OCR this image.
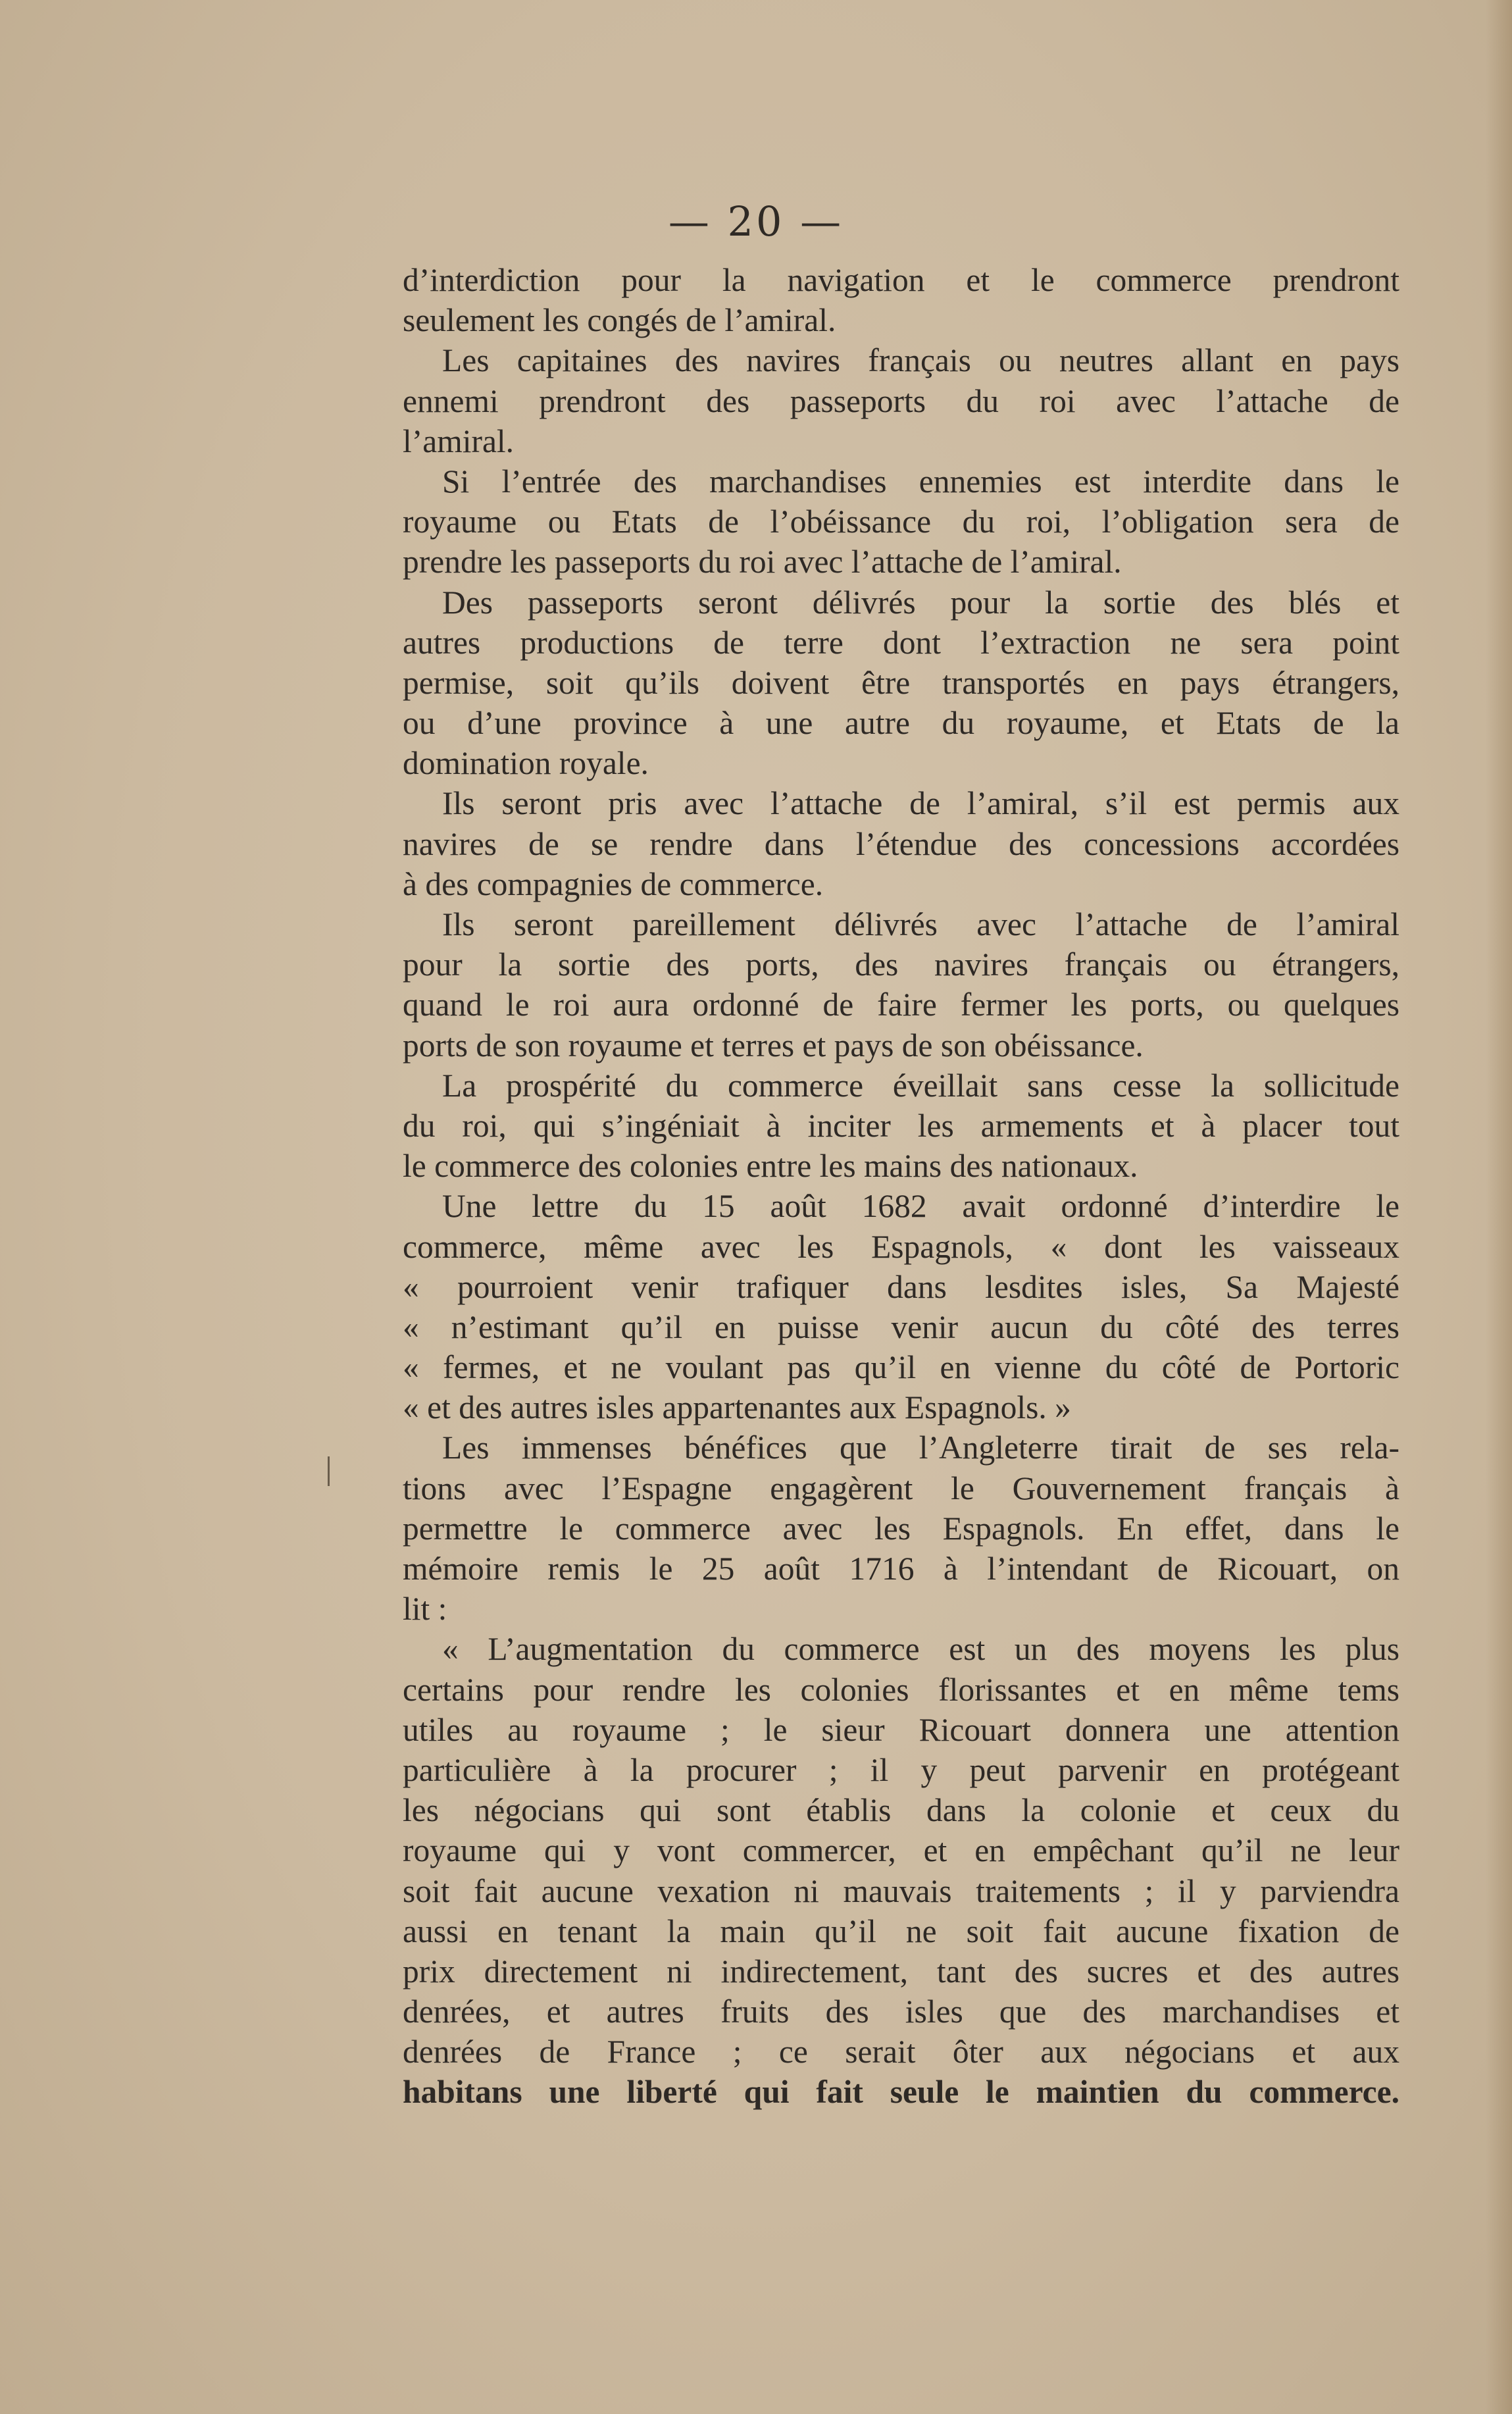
— 20 —
d’interdiction pour la navigation et le commerce prendront
seulement les congés de l’amiral.
Les capitaines des navires français ou neutres allant en pays
ennemi prendront des passeports du roi avec l’attache de
l’amiral.
Si l’entrée des marchandises ennemies est interdite dans le
royaume ou Etats de l’obéissance du roi, l’obligation sera de
prendre les passeports du roi avec l’attache de l’amiral.
Des passeports seront délivrés pour la sortie des blés et
autres productions de terre dont l’extraction ne sera point
permise, soit qu’ils doivent être transportés en pays étrangers,
ou d’une province à une autre du royaume, et Etats de la
domination royale.
Ils seront pris avec l’attache de l’amiral, s’il est permis aux
navires de se rendre dans l’étendue des concessions accordées
à des compagnies de commerce.
Ils seront pareillement délivrés avec l’attache de l’amiral
pour la sortie des ports, des navires français ou étrangers,
quand le roi aura ordonné de faire fermer les ports, ou quelques
ports de son royaume et terres et pays de son obéissance.
La prospérité du commerce éveillait sans cesse la sollicitude
du roi, qui s’ingéniait à inciter les armements et à placer tout
le commerce des colonies entre les mains des nationaux.
Une lettre du 15 août 1682 avait ordonné d’interdire le
commerce, même avec les Espagnols, « dont les vaisseaux
« pourroient venir trafiquer dans lesdites isles, Sa Majesté
« n’estimant qu’il en puisse venir aucun du côté des terres
« fermes, et ne voulant pas qu’il en vienne du côté de Portoric
« et des autres isles appartenantes aux Espagnols. »
Les immenses bénéfices que l’Angleterre tirait de ses rela-
tions avec l’Espagne engagèrent le Gouvernement français à
permettre le commerce avec les Espagnols. En effet, dans le
mémoire remis le 25 août 1716 à l’intendant de Ricouart, on
lit :
« L’augmentation du commerce est un des moyens les plus
certains pour rendre les colonies florissantes et en même tems
utiles au royaume ; le sieur Ricouart donnera une attention
particulière à la procurer ; il y peut parvenir en protégeant
les négocians qui sont établis dans la colonie et ceux du
royaume qui y vont commercer, et en empêchant qu’il ne leur
soit fait aucune vexation ni mauvais traitements ; il y parviendra
aussi en tenant la main qu’il ne soit fait aucune fixation de
prix directement ni indirectement, tant des sucres et des autres
denrées, et autres fruits des isles que des marchandises et
denrées de France ; ce serait ôter aux négocians et aux
habitans une liberté qui fait seule le maintien du commerce.
